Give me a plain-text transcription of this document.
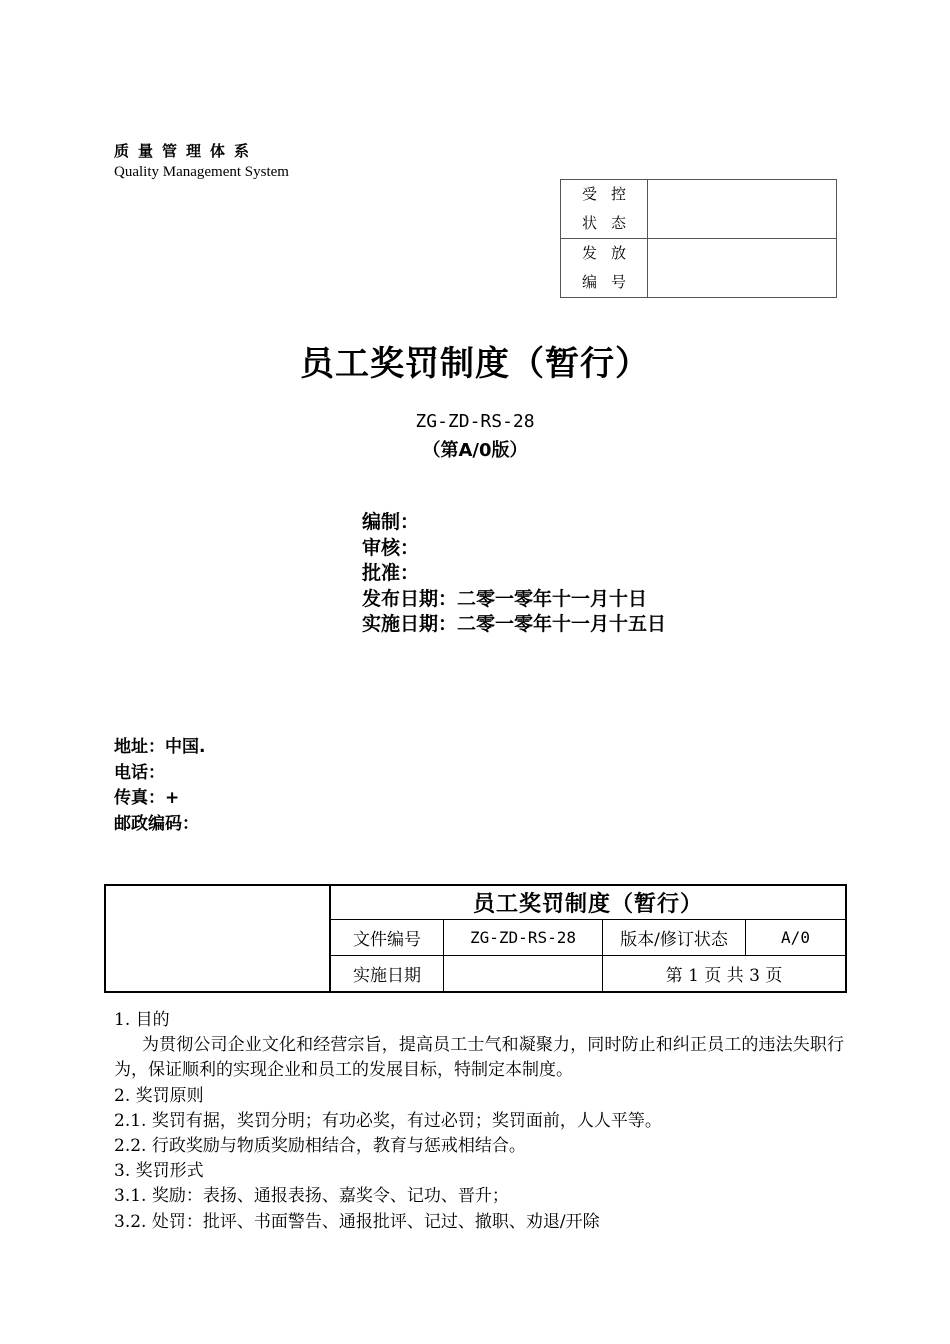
质量管理体系
Quality Management System
受 控
状 态	

发 放
编 号	

员工奖罚制度（暂行）
ZG-ZD-RS-28
（第A/0版）
编制：
审核：
批准：
发布日期：二零一零年十一月十日
实施日期：二零一零年十一月十五日
地址：中国.
电话：
传真：+
邮政编码：
	员工奖罚制度（暂行）			
	文件编号	ZG-ZD-RS-28	版本/修订状态	A/0
	实施日期		第 1 页 共 3 页	

1. 目的

为贯彻公司企业文化和经营宗旨，提高员工士气和凝聚力，同时防止和纠正员工的违法失职行为，保证顺利的实现企业和员工的发展目标，特制定本制度。

2. 奖罚原则

2.1. 奖罚有据，奖罚分明；有功必奖，有过必罚；奖罚面前，人人平等。

2.2. 行政奖励与物质奖励相结合，教育与惩戒相结合。

3. 奖罚形式

3.1. 奖励：表扬、通报表扬、嘉奖令、记功、晋升；

3.2. 处罚：批评、书面警告、通报批评、记过、撤职、劝退/开除
